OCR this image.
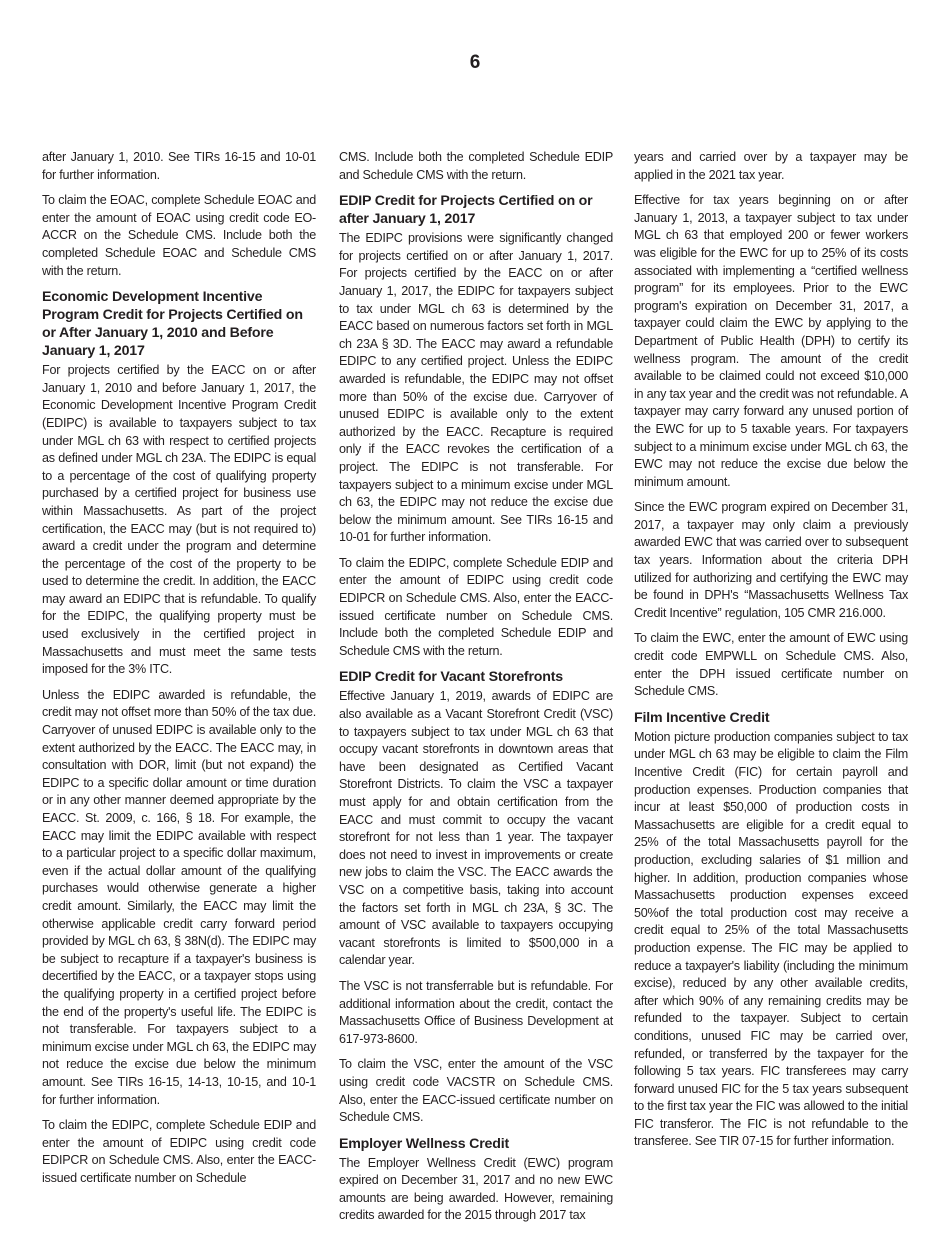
6

after January 1, 2010. See TIRs 16-15 and 10-01 for further information.

To claim the EOAC, complete Schedule EOAC and enter the amount of EOAC using credit code EO-ACCR on the Schedule CMS. Include both the completed Schedule EOAC and Schedule CMS with the return.

Economic Development Incentive Program Credit for Projects Certified on or After January 1, 2010 and Before January 1, 2017

For projects certified by the EACC on or after January 1, 2010 and before January 1, 2017, the Economic Development Incentive Program Credit (EDIPC) is available to taxpayers subject to tax under MGL ch 63 with respect to certified projects as defined under MGL ch 23A. The EDIPC is equal to a percentage of the cost of qualifying property purchased by a certified project for business use within Massachusetts. As part of the project certification, the EACC may (but is not required to) award a credit under the program and determine the percentage of the cost of the property to be used to determine the credit. In addition, the EACC may award an EDIPC that is refundable. To qualify for the EDIPC, the qualifying property must be used exclusively in the certified project in Massachusetts and must meet the same tests imposed for the 3% ITC.

Unless the EDIPC awarded is refundable, the credit may not offset more than 50% of the tax due. Carryover of unused EDIPC is available only to the extent authorized by the EACC. The EACC may, in consultation with DOR, limit (but not expand) the EDIPC to a specific dollar amount or time duration or in any other manner deemed appropriate by the EACC. St. 2009, c. 166, § 18. For example, the EACC may limit the EDIPC available with respect to a particular project to a specific dollar maximum, even if the actual dollar amount of the qualifying purchases would otherwise generate a higher credit amount. Similarly, the EACC may limit the otherwise applicable credit carry forward period provided by MGL ch 63, § 38N(d). The EDIPC may be subject to recapture if a taxpayer's business is decertified by the EACC, or a taxpayer stops using the qualifying property in a certified project before the end of the property's useful life. The EDIPC is not transferable. For taxpayers subject to a minimum excise under MGL ch 63, the EDIPC may not reduce the excise due below the minimum amount. See TIRs 16-15, 14-13, 10-15, and 10-1 for further information.

To claim the EDIPC, complete Schedule EDIP and enter the amount of EDIPC using credit code EDIPCR on Schedule CMS. Also, enter the EACC-issued certificate number on Schedule

CMS. Include both the completed Schedule EDIP and Schedule CMS with the return.

EDIP Credit for Projects Certified on or after January 1, 2017

The EDIPC provisions were significantly changed for projects certified on or after January 1, 2017. For projects certified by the EACC on or after January 1, 2017, the EDIPC for taxpayers subject to tax under MGL ch 63 is determined by the EACC based on numerous factors set forth in MGL ch 23A § 3D. The EACC may award a refundable EDIPC to any certified project. Unless the EDIPC awarded is refundable, the EDIPC may not offset more than 50% of the excise due. Carryover of unused EDIPC is available only to the extent authorized by the EACC. Recapture is required only if the EACC revokes the certification of a project. The EDIPC is not transferable. For taxpayers subject to a minimum excise under MGL ch 63, the EDIPC may not reduce the excise due below the minimum amount. See TIRs 16-15 and 10-01 for further information.

To claim the EDIPC, complete Schedule EDIP and enter the amount of EDIPC using credit code EDIPCR on Schedule CMS. Also, enter the EACC-issued certificate number on Schedule CMS. Include both the completed Schedule EDIP and Schedule CMS with the return.

EDIP Credit for Vacant Storefronts

Effective January 1, 2019, awards of EDIPC are also available as a Vacant Storefront Credit (VSC) to taxpayers subject to tax under MGL ch 63 that occupy vacant storefronts in downtown areas that have been designated as Certified Vacant Storefront Districts. To claim the VSC a taxpayer must apply for and obtain certification from the EACC and must commit to occupy the vacant storefront for not less than 1 year. The taxpayer does not need to invest in improvements or create new jobs to claim the VSC. The EACC awards the VSC on a competitive basis, taking into account the factors set forth in MGL ch 23A, § 3C. The amount of VSC available to taxpayers occupying vacant storefronts is limited to $500,000 in a calendar year.

The VSC is not transferrable but is refundable. For additional information about the credit, contact the Massachusetts Office of Business Development at 617-973-8600.

To claim the VSC, enter the amount of the VSC using credit code VACSTR on Schedule CMS. Also, enter the EACC-issued certificate number on Schedule CMS.

Employer Wellness Credit

The Employer Wellness Credit (EWC) program expired on December 31, 2017 and no new EWC amounts are being awarded. However, remaining credits awarded for the 2015 through 2017 tax

years and carried over by a taxpayer may be applied in the 2021 tax year.

Effective for tax years beginning on or after January 1, 2013, a taxpayer subject to tax under MGL ch 63 that employed 200 or fewer workers was eligible for the EWC for up to 25% of its costs associated with implementing a “certified wellness program” for its employees. Prior to the EWC program's expiration on December 31, 2017, a taxpayer could claim the EWC by applying to the Department of Public Health (DPH) to certify its wellness program. The amount of the credit available to be claimed could not exceed $10,000 in any tax year and the credit was not refundable. A taxpayer may carry forward any unused portion of the EWC for up to 5 taxable years. For taxpayers subject to a minimum excise under MGL ch 63, the EWC may not reduce the excise due below the minimum amount.

Since the EWC program expired on December 31, 2017, a taxpayer may only claim a previously awarded EWC that was carried over to subsequent tax years. Information about the criteria DPH utilized for authorizing and certifying the EWC may be found in DPH's “Massachusetts Wellness Tax Credit Incentive” regulation, 105 CMR 216.000.

To claim the EWC, enter the amount of EWC using credit code EMPWLL on Schedule CMS. Also, enter the DPH issued certificate number on Schedule CMS.

Film Incentive Credit

Motion picture production companies subject to tax under MGL ch 63 may be eligible to claim the Film Incentive Credit (FIC) for certain payroll and production expenses. Production companies that incur at least $50,000 of production costs in Massachusetts are eligible for a credit equal to 25% of the total Massachusetts payroll for the production, excluding salaries of $1 million and higher. In addition, production companies whose Massachusetts production expenses exceed 50%of the total production cost may receive a credit equal to 25% of the total Massachusetts production expense. The FIC may be applied to reduce a taxpayer's liability (including the minimum excise), reduced by any other available credits, after which 90% of any remaining credits may be refunded to the taxpayer. Subject to certain conditions, unused FIC may be carried over, refunded, or transferred by the taxpayer for the following 5 tax years. FIC transferees may carry forward unused FIC for the 5 tax years subsequent to the first tax year the FIC was allowed to the initial FIC transferor. The FIC is not refundable to the transferee. See TIR 07-15 for further information.
